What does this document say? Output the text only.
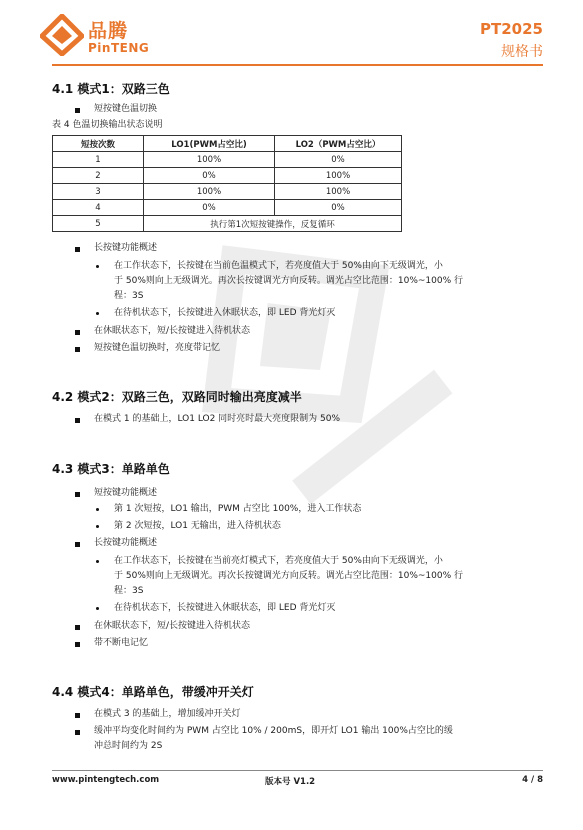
品腾
PinTENG
PT2025
规格书
4.1 模式1：双路三色
短按键色温切换
表 4 色温切换输出状态说明
短按次数	LO1(PWM占空比)	LO2（PWM占空比）
1	100%	0%
2	0%	100%
3	100%	100%
4	0%	0%
5	执行第1次短按键操作，反复循环	
长按键功能概述
在工作状态下，长按键在当前色温模式下，若亮度值大于 50%由向下无级调光，小
于 50%则向上无级调光。再次长按键调光方向反转。调光占空比范围：10%~100% 行
程：3S
在待机状态下，长按键进入休眠状态，即 LED 背光灯灭
在休眠状态下，短/长按键进入待机状态
短按键色温切换时，亮度带记忆
4.2 模式2：双路三色，双路同时输出亮度减半
在模式 1 的基础上，LO1 LO2 同时亮时最大亮度限制为 50%
4.3 模式3：单路单色
短按键功能概述
第 1 次短按，LO1 输出，PWM 占空比 100%，进入工作状态
第 2 次短按，LO1 无输出，进入待机状态
长按键功能概述
在工作状态下，长按键在当前亮灯模式下，若亮度值大于 50%由向下无级调光，小
于 50%则向上无级调光。再次长按键调光方向反转。调光占空比范围：10%~100% 行
程：3S
在待机状态下，长按键进入休眠状态，即 LED 背光灯灭
在休眠状态下，短/长按键进入待机状态
带不断电记忆
4.4 模式4：单路单色，带缓冲开关灯
在模式 3 的基础上，增加缓冲开关灯
缓冲平均变化时间约为 PWM 占空比 10% / 200mS，即开灯 LO1 输出 100%占空比的缓
冲总时间约为 2S
www.pintengtech.com	版本号 V1.2	4 / 8
